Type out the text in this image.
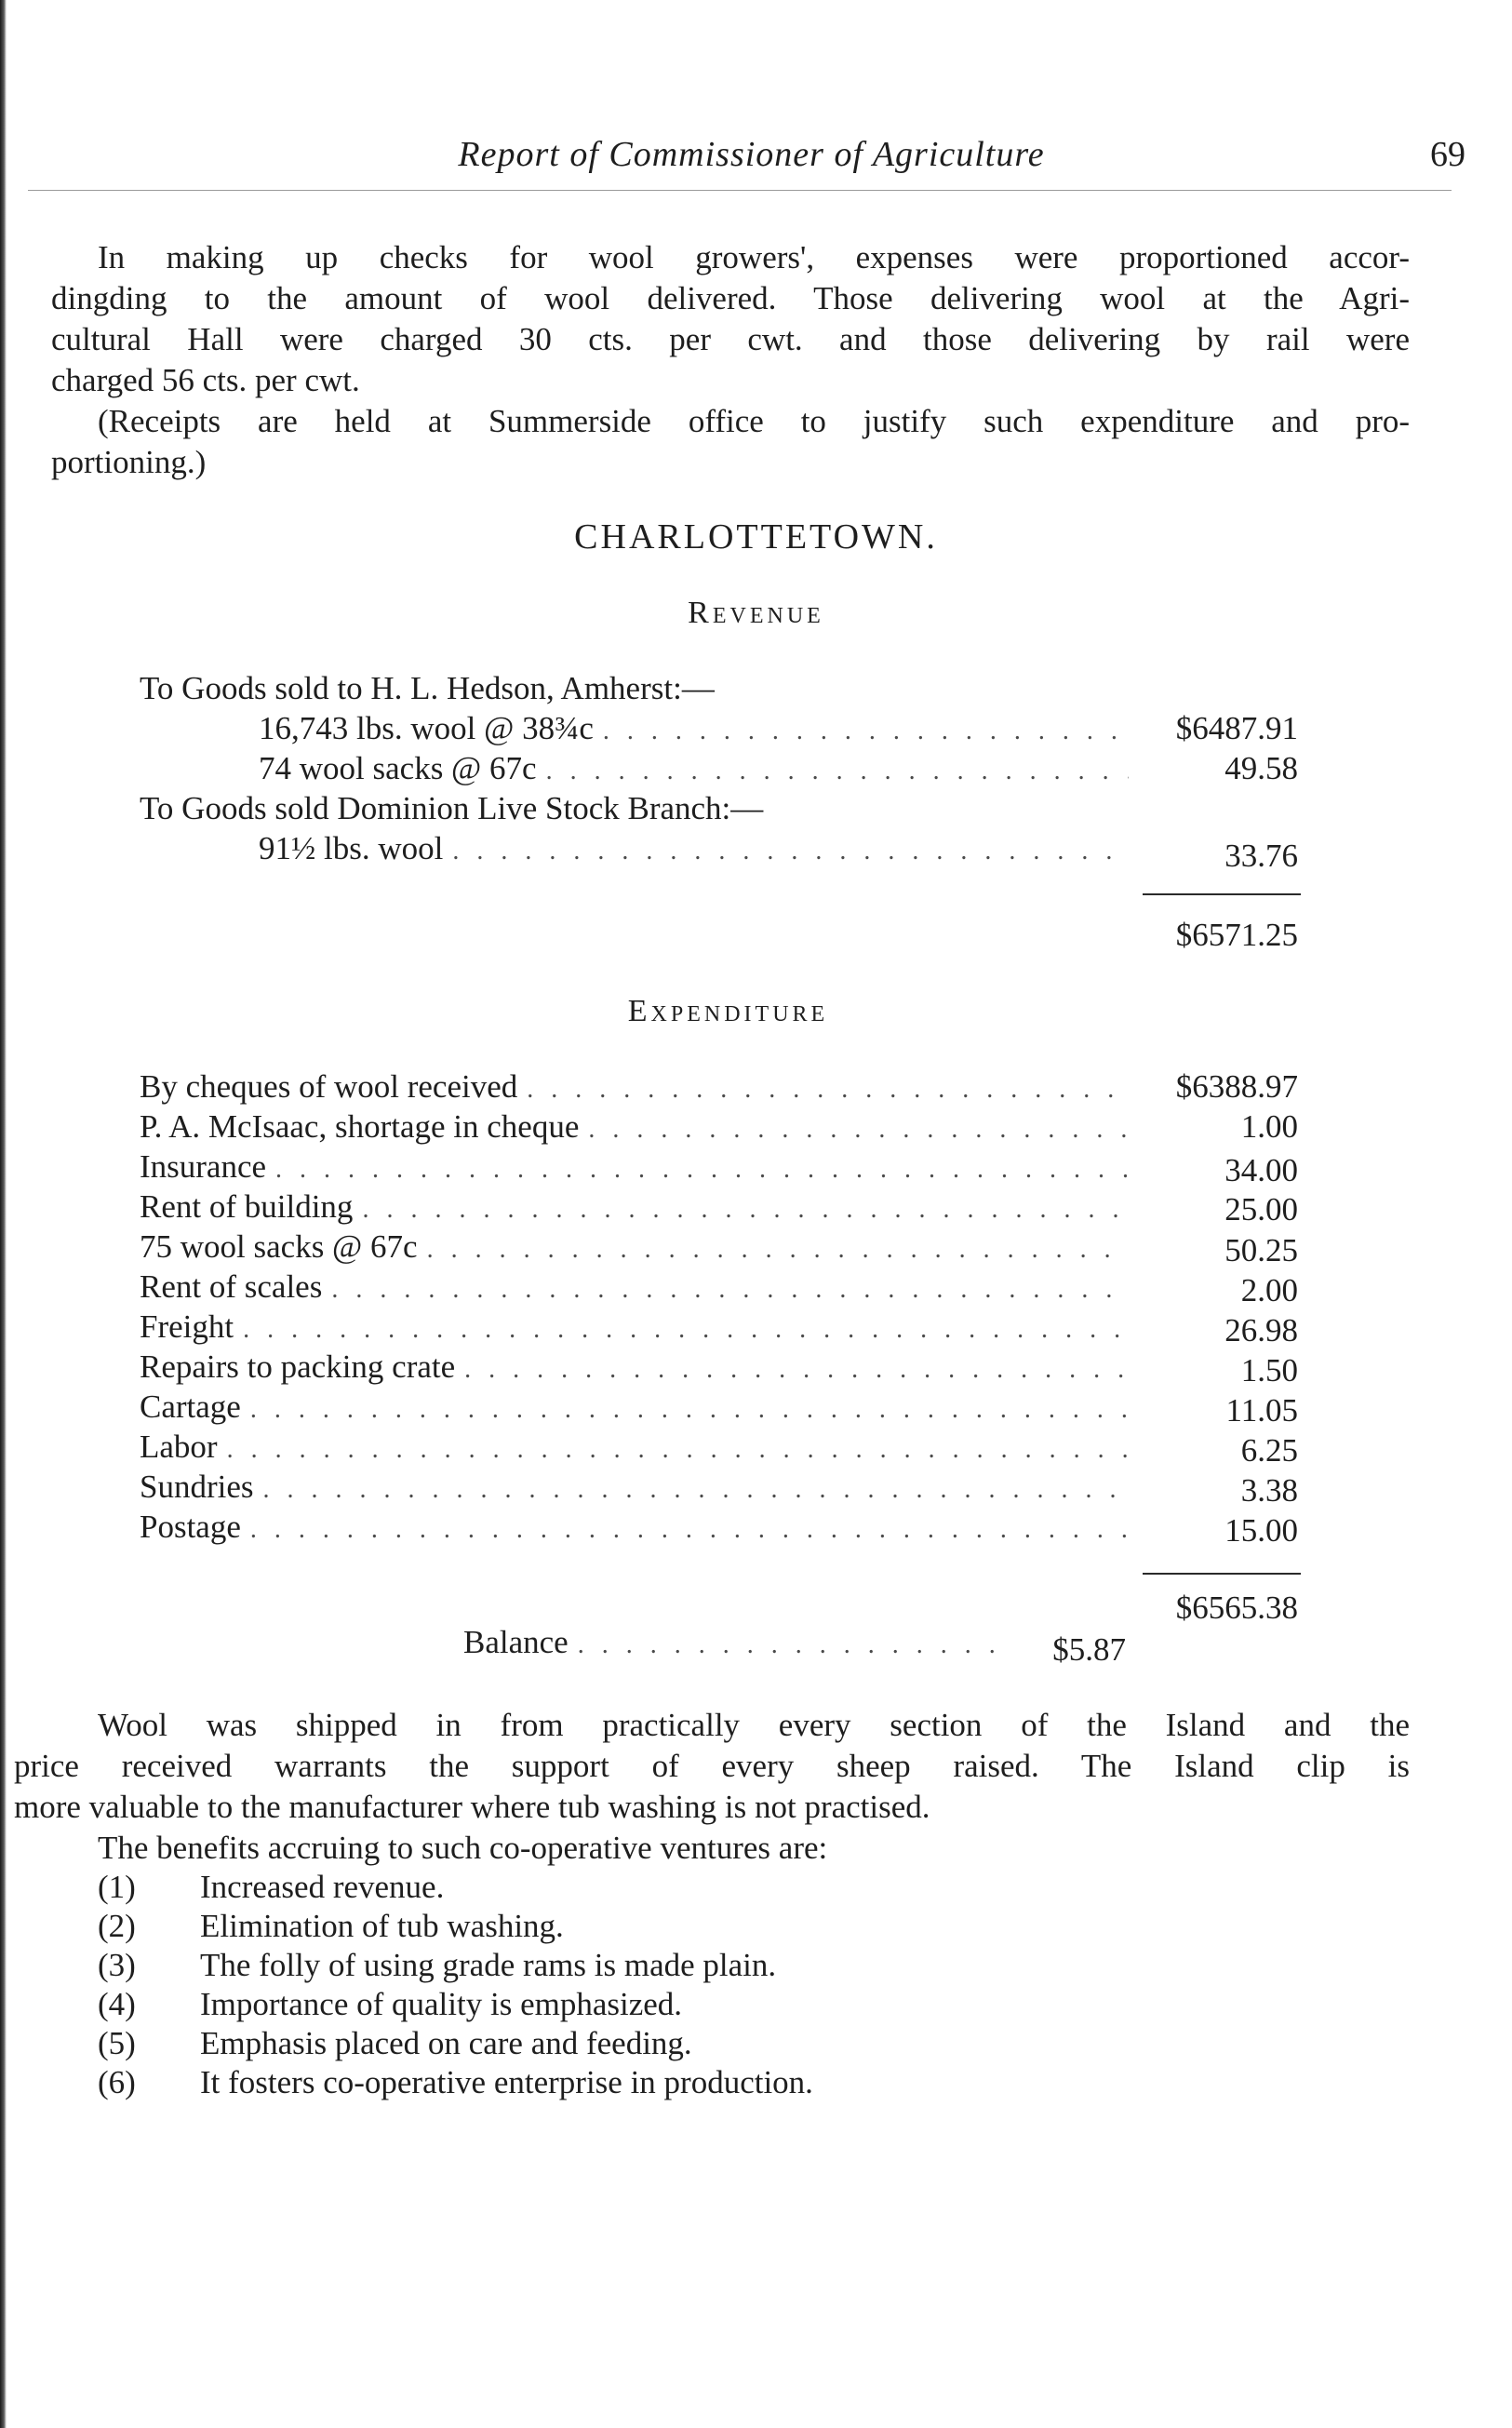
Report of Commissioner of Agriculture	69
In making up checks for wool growers', expenses were proportioned accor-
dingding to the amount of wool delivered. Those delivering wool at the Agri-
cultural Hall were charged 30 cts. per cwt. and those delivering by rail were
charged 56 cts. per cwt.
(Receipts are held at Summerside office to justify such expenditure and pro-
portioning.)
CHARLOTTETOWN.
Revenue
To Goods sold to H. L. Hedson, Amherst:—
16,743 lbs. wool @ 38¾c . . .	$6487.91
74 wool sacks @ 67c . . .	49.58
To Goods sold Dominion Live Stock Branch:—
91½ lbs. wool . . .	33.76
$6571.25
Expenditure
By cheques of wool received . . .	$6388.97
P. A. McIsaac, shortage in cheque . . .	1.00
Insurance . . .	34.00
Rent of building . . .	25.00
75 wool sacks @ 67c . . .	50.25
Rent of scales . . .	2.00
Freight . . .	26.98
Repairs to packing crate . . .	1.50
Cartage . . .	11.05
Labor . . .	6.25
Sundries . . .	3.38
Postage . . .	15.00
$6565.38
Balance . . .	$5.87
Wool was shipped in from practically every section of the Island and the
price received warrants the support of every sheep raised. The Island clip is
more valuable to the manufacturer where tub washing is not practised.
The benefits accruing to such co-operative ventures are:
(1) Increased revenue.
(2) Elimination of tub washing.
(3) The folly of using grade rams is made plain.
(4) Importance of quality is emphasized.
(5) Emphasis placed on care and feeding.
(6) It fosters co-operative enterprise in production.
